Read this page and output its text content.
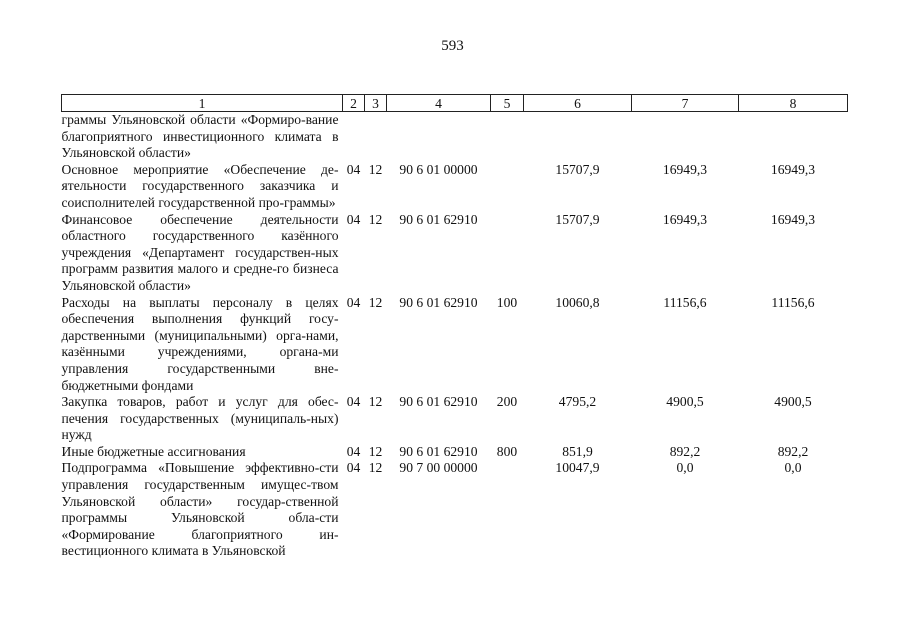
593
1	2	3	4	5	6	7	8
граммы Ульяновской области «Формиро-вание благоприятного инвестиционного климата в Ульяновской области»							
Основное мероприятие «Обеспечение де-ятельности государственного заказчика и соисполнителей государственной про-граммы»	04	12	90 6 01 00000		15707,9	16949,3	16949,3
Финансовое обеспечение деятельности областного государственного казённого учреждения «Департамент государствен-ных программ развития малого и средне-го бизнеса Ульяновской области»	04	12	90 6 01 62910		15707,9	16949,3	16949,3
Расходы на выплаты персоналу в целях обеспечения выполнения функций госу-дарственными (муниципальными) орга-нами, казёнными учреждениями, органа-ми управления государственными вне-бюджетными фондами	04	12	90 6 01 62910	100	10060,8	11156,6	11156,6
Закупка товаров, работ и услуг для обес-печения государственных (муниципаль-ных) нужд	04	12	90 6 01 62910	200	4795,2	4900,5	4900,5
Иные бюджетные ассигнования	04	12	90 6 01 62910	800	851,9	892,2	892,2
Подпрограмма «Повышение эффективно-сти управления государственным имущес-твом Ульяновской области» государ-ственной программы Ульяновской обла-сти «Формирование благоприятного ин-вестиционного климата в Ульяновской	04	12	90 7 00 00000		10047,9	0,0	0,0
